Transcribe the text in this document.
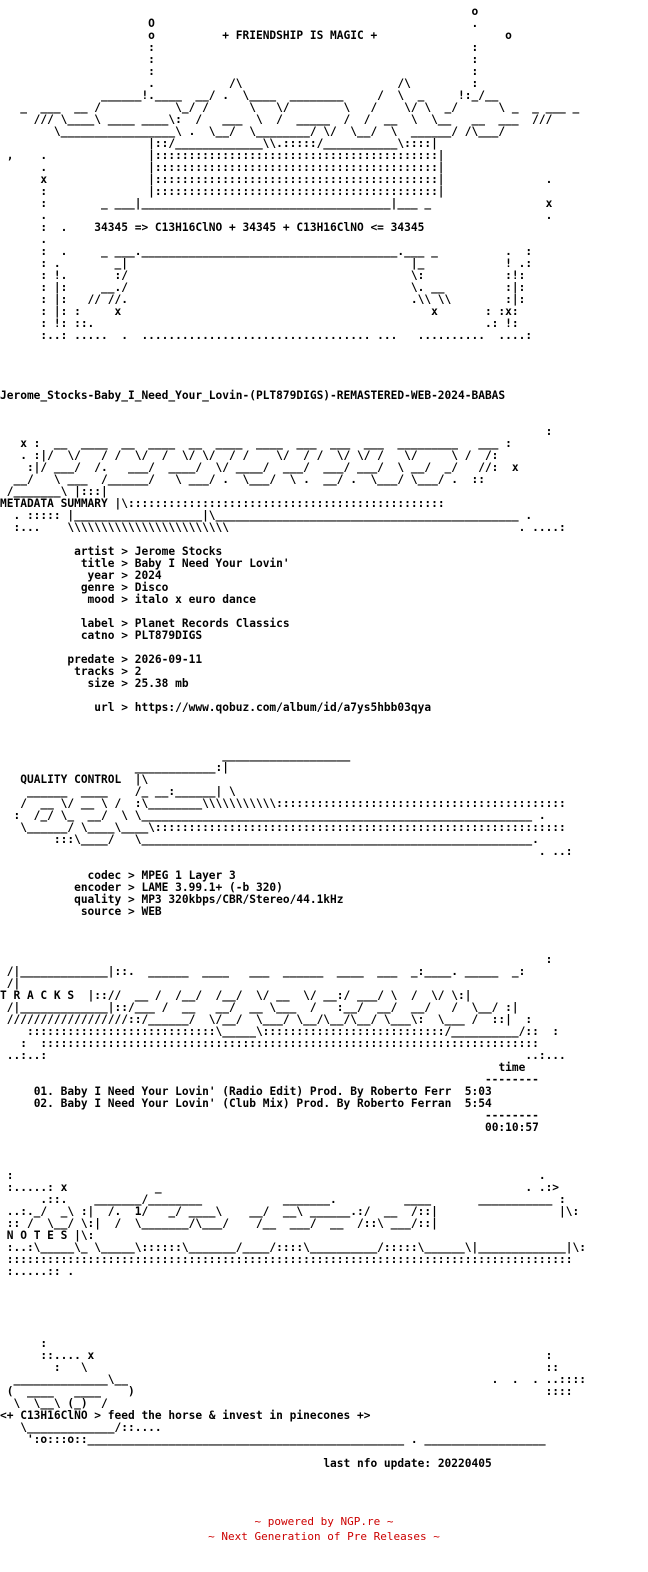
o
O                                               .
o	+ FRIENDSHIP IS MAGIC +	o
:                                               :
:                                               :
:                                               :
.           /\                       /\         :
______!.____  __/ .  \____  ________     /  \  _     !:_/__
_  ___  __ /           \_/ /      \   \/        \   /    \/ \  _/      \ _  _ ___ _
/// \____\ ____ ____\:  /   ___  \  /  _____  /  /  __  \  \__   __  ___  ///
\_________________\ .  \__/  \________/ \/  \__/  \  ______/ /\___/
|::/_____________\\.:::::/___________\::::|
,    .               |::::::::::::::::::::::::::::::::::::::::::|
.               |::::::::::::::::::::::::::::::::::::::::::|
x               |::::::::::::::::::::::::::::::::::::::::::|               .
:               |::::::::::::::::::::::::::::::::::::::::::|
:        _ ___|_____________________________________|___ _                 x
.                                                                          .
:  .    34345 => C13H16ClNO + 34345 + C13H16ClNO <= 34345
.
:  .     _ ___.______________________________________.___ _          .  :
: .        _|                                          |_            ! .:
: !.       :/                                          \:            :!:
: |:     __./                                          \. __         :|:
: |:   // //.                                          .\\ \\        :|:
: |: :     x                                              x       : :x:
: !: ::.                                                          .: !:
:..: .....  .  .................................. ...   ..........  ....:

Jerome_Stocks-Baby_I_Need_Your_Lovin-(PLT879DIGS)-REMASTERED-WEB-2024-BABAS

:
x :  __  ____  __  ____  __  ____  ____  ___  ___  ___  _________   ___ :
. :|/  \/   / /  \/  /  \/ \/  / /    \/  / /  \/ \/ /   \/     \ /  /:
:|/ ___/  /.   ___/  ____/  \/ ____/  ___/  ___/ ___/  \ __/  _/   //:  x
__/   \ ___  /______/   \ ___/ .  \___/  \ .  __/ .  \___/ \___/ .  ::
/_______\ |:::|
METADATA SUMMARY |\:::::::::::::::::::::::::::::::::::::::::::::::
. ::::: |___________________|\_____________________________________________ .
:...    \\\\\\\\\\\\\\\\\\\\\\\\                                           . ....:

artist > Jerome Stocks
title > Baby I Need Your Lovin'
year > 2024
genre > Disco
mood > italo x euro dance

label > Planet Records Classics
catno > PLT879DIGS

predate > 2026-09-11
tracks > 2
size > 25.38 mb

url > https://www.qobuz.com/album/id/a7ys5hbb03qya

___________________
____________:|
QUALITY CONTROL  |\
______  ____    /_ __:______| \
/  __ \/ __ \ /  :\________\\\\\\\\\\\:::::::::::::::::::::::::::::::::::::::::::
:  /_/ \_  __/  \ \__________________________________________________________ .
\______/ \____\____\:::::::::::::::::::::::::::::::::::::::::::::::::::::::::::::
:::\____/   \__________________________________________________________.
. ..:

codec > MPEG 1 Layer 3
encoder > LAME 3.99.1+ (-b 320)
quality > MP3 320kbps/CBR/Stereo/44.1kHz
source > WEB

:
/|_____________|::.  ______  ____   ___  ______  ____  ___  _:____. _____  _:
/|
T R A C K S  |:://  __ /  /__/  /__/  \/ __  \/ __:/ ___/ \  /  \/ \:|
/|_____________|::/___ /  __   __/  __ \___  /   :__/  __/  __/   /  \__/ :|
//////////////////::/______/  \/__/  \___/ \__/\__/\__/ \___\:  \___ /  ::|  :
::::::::::::::::::::::::::::\_____\:::::::::::::::::::::::::::/__________/::  :
:  ::::::::::::::::::::::::::::::::::::::::::::::::::::::::::::::::::::::::::
..:..:                                                                       ..:...
time
--------
01. Baby I Need Your Lovin' (Radio Edit) Prod. By Roberto Ferr 5:03
02. Baby I Need Your Lovin' (Club Mix) Prod. By Roberto Ferran 5:54
--------
00:10:57

:                                                                              .
:.....: x             _                                                      . .:>
.::.    _______/________            _______.          ____       ___________ :
..:._/  _\ :|  /.  1/   _/ ____\    __/  __\ ______.:/  __  /::|                  |\:
:: /  \__/ \:|  /  \_______/\___/    /__  ___/  __  /::\ ___/::|
N O T E S |\:
:..:\_____\_ \_____\::::::\_______/____/::::\__________/:::::\______\|_____________|\:
::::::::::::::::::::::::::::::::::::::::::::::::::::::::::::::::::::::::::::::::::::
:.....:: .

:
::.... x                                                                   :
:   \                                                                    ::
______________\__                                                      .  .  . ..::::
(  ____   ____    )                                                             ::::
\  \__\ (_)  /
<+ C13H16ClNO > feed the horse & invest in pinecones +>

\_____________/::....
':o:::o::_______________________________________________ . __________________

last nfo update: 20220405

~ powered by NGP.re ~
~ Next Generation of Pre Releases ~
